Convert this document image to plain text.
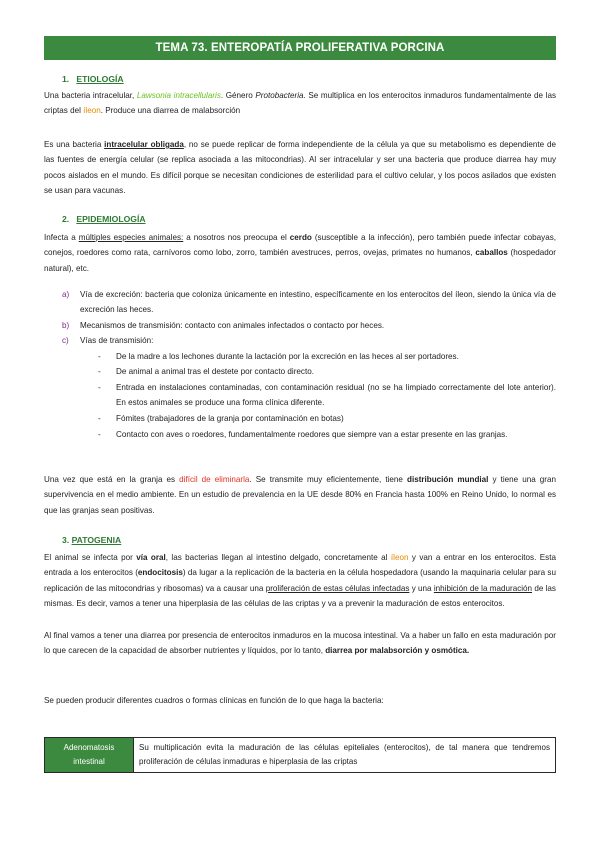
TEMA 73. ENTEROPATÍA PROLIFERATIVA PORCINA
1. ETIOLOGÍA
Una bacteria intracelular, Lawsonia intracellularis. Género Protobacteria. Se multiplica en los enterocitos inmaduros fundamentalmente de las criptas del íleon. Produce una diarrea de malabsorción
Es una bacteria intracelular obligada, no se puede replicar de forma independiente de la célula ya que su metabolismo es dependiente de las fuentes de energía celular (se replica asociada a las mitocondrias). Al ser intracelular y ser una bacteria que produce diarrea hay muy pocos aislados en el mundo. Es difícil porque se necesitan condiciones de esterilidad para el cultivo celular, y los pocos asilados que existen se usan para vacunas.
2. EPIDEMIOLOGÍA
Infecta a múltiples especies animales: a nosotros nos preocupa el cerdo (susceptible a la infección), pero también puede infectar cobayas, conejos, roedores como rata, carnívoros como lobo, zorro, también avestruces, perros, ovejas, primates no humanos, caballos (hospedador natural), etc.
a) Vía de excreción: bacteria que coloniza únicamente en intestino, específicamente en los enterocitos del íleon, siendo la única vía de excreción las heces.
b) Mecanismos de transmisión: contacto con animales infectados o contacto por heces.
c) Vías de transmisión:
- De la madre a los lechones durante la lactación por la excreción en las heces al ser portadores.
- De animal a animal tras el destete por contacto directo.
- Entrada en instalaciones contaminadas, con contaminación residual (no se ha limpiado correctamente del lote anterior). En estos animales se produce una forma clínica diferente.
- Fómites (trabajadores de la granja por contaminación en botas)
- Contacto con aves o roedores, fundamentalmente roedores que siempre van a estar presente en las granjas.
Una vez que está en la granja es difícil de eliminarla. Se transmite muy eficientemente, tiene distribución mundial y tiene una gran supervivencia en el medio ambiente. En un estudio de prevalencia en la UE desde 80% en Francia hasta 100% en Reino Unido, lo normal es que las granjas sean positivas.
3. PATOGENIA
El animal se infecta por vía oral, las bacterias llegan al intestino delgado, concretamente al íleon y van a entrar en los enterocitos. Esta entrada a los enterocitos (endocitosis) da lugar a la replicación de la bacteria en la célula hospedadora (usando la maquinaria celular para su replicación de las mitocondrias y ribosomas) va a causar una proliferación de estas células infectadas y una inhibición de la maduración de las mismas. Es decir, vamos a tener una hiperplasia de las células de las criptas y va a prevenir la maduración de estos enterocitos.
Al final vamos a tener una diarrea por presencia de enterocitos inmaduros en la mucosa intestinal. Va a haber un fallo en esta maduración por lo que carecen de la capacidad de absorber nutrientes y líquidos, por lo tanto, diarrea por malabsorción y osmótica.
Se pueden producir diferentes cuadros o formas clínicas en función de lo que haga la bacteria:
Adenomatosis intestinal	Su multiplicación evita la maduración de las células epiteliales (enterocitos), de tal manera que tendremos proliferación de células inmaduras e hiperplasia de las criptas
